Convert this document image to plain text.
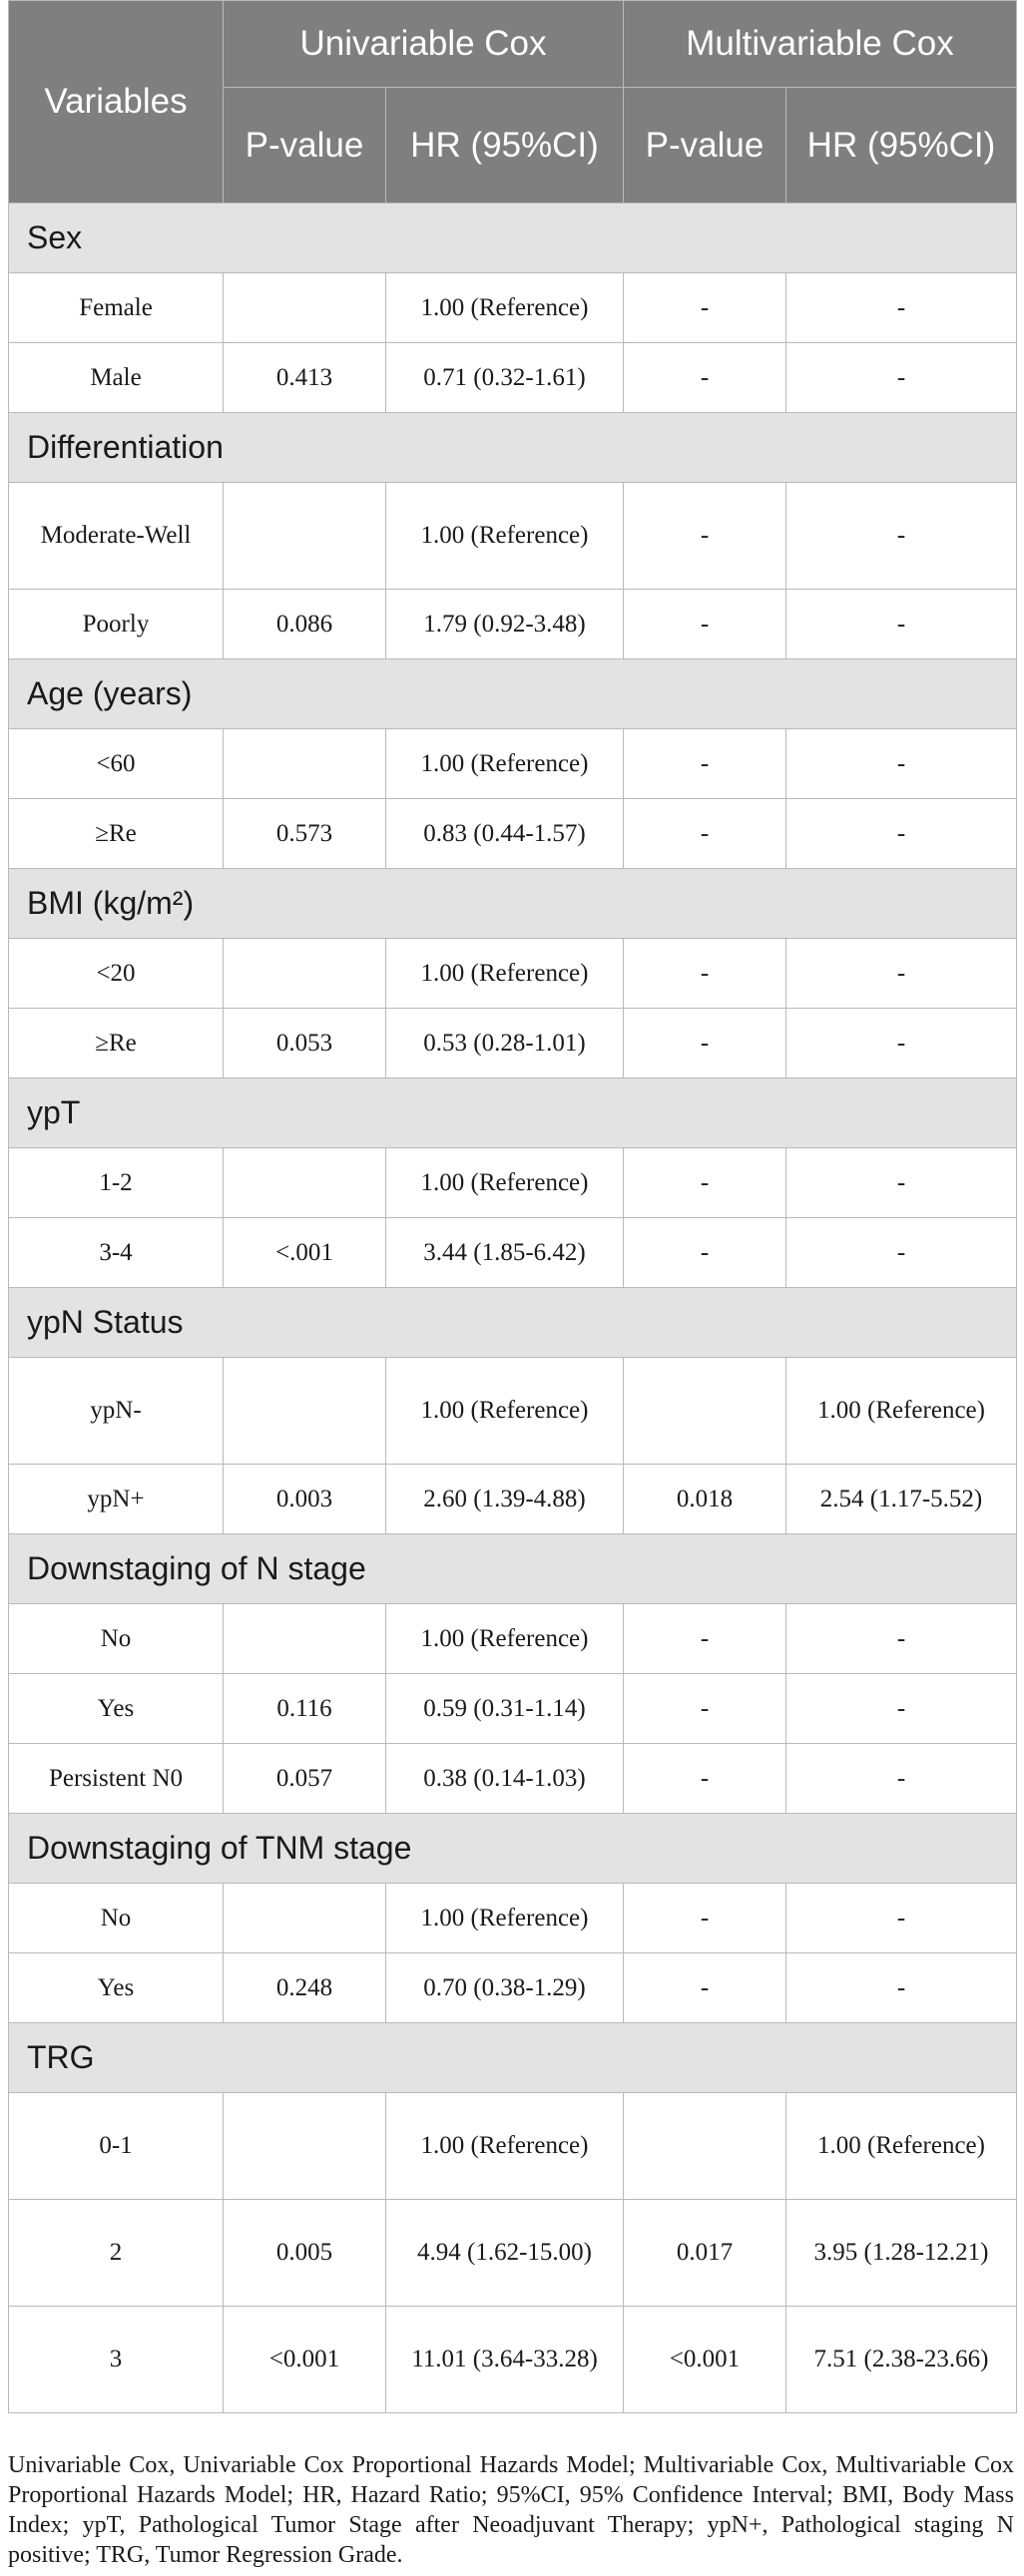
Variables	Univariable Cox		Multivariable Cox	
	P-value	HR (95%CI)	P-value	HR (95%CI)
Sex				
Female		1.00 (Reference)	-	-
Male	0.413	0.71 (0.32-1.61)	-	-
Differentiation				
Moderate-Well		1.00 (Reference)	-	-
Poorly	0.086	1.79 (0.92-3.48)	-	-
Age (years)				
<60		1.00 (Reference)	-	-
≥Re	0.573	0.83 (0.44-1.57)	-	-
BMI (kg/m²)				
<20		1.00 (Reference)	-	-
≥Re	0.053	0.53 (0.28-1.01)	-	-
ypT				
1-2		1.00 (Reference)	-	-
3-4	<.001	3.44 (1.85-6.42)	-	-
ypN Status				
ypN-		1.00 (Reference)		1.00 (Reference)
ypN+	0.003	2.60 (1.39-4.88)	0.018	2.54 (1.17-5.52)
Downstaging of N stage				
No		1.00 (Reference)	-	-
Yes	0.116	0.59 (0.31-1.14)	-	-
Persistent N0	0.057	0.38 (0.14-1.03)	-	-
Downstaging of TNM stage				
No		1.00 (Reference)	-	-
Yes	0.248	0.70 (0.38-1.29)	-	-
TRG				
0-1		1.00 (Reference)		1.00 (Reference)
2	0.005	4.94 (1.62-15.00)	0.017	3.95 (1.28-12.21)
3	<0.001	11.01 (3.64-33.28)	<0.001	7.51 (2.38-23.66)

Univariable Cox, Univariable Cox Proportional Hazards Model; Multivariable Cox, Multivariable Cox Proportional Hazards Model; HR, Hazard Ratio; 95%CI, 95% Confidence Interval; BMI, Body Mass Index; ypT, Pathological Tumor Stage after Neoadjuvant Therapy; ypN+, Pathological staging N positive; TRG, Tumor Regression Grade.
